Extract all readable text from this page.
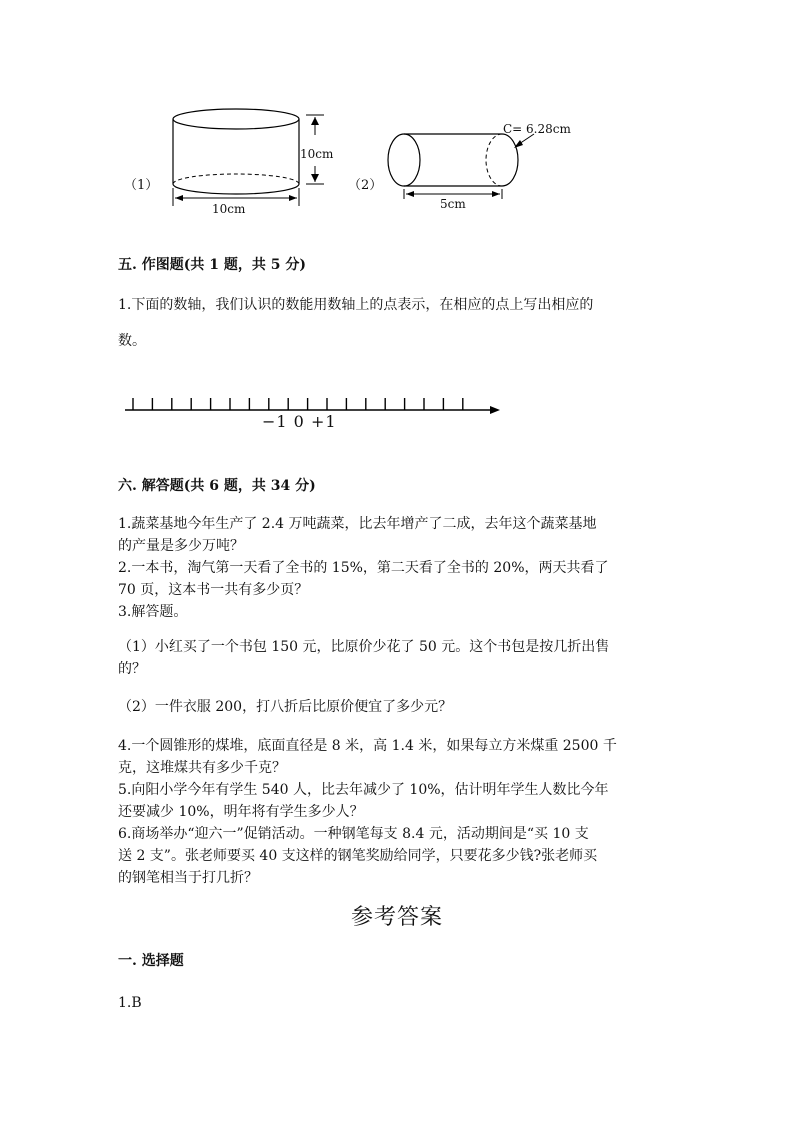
（1）
10cm
10cm
（2）
C= 6.28cm
5cm
五. 作图题(共 1 题，共 5 分)
1.下面的数轴，我们认识的数能用数轴上的点表示，在相应的点上写出相应的
数。
−1 0 +1
六. 解答题(共 6 题，共 34 分)
1.蔬菜基地今年生产了 2.4 万吨蔬菜，比去年增产了二成，去年这个蔬菜基地
的产量是多少万吨？
2.一本书，淘气第一天看了全书的 15%，第二天看了全书的 20%，两天共看了
70 页，这本书一共有多少页？
3.解答题。
（1）小红买了一个书包 150 元，比原价少花了 50 元。这个书包是按几折出售
的？
（2）一件衣服 200，打八折后比原价便宜了多少元？
4.一个圆锥形的煤堆，底面直径是 8 米，高 1.4 米，如果每立方米煤重 2500 千
克，这堆煤共有多少千克？
5.向阳小学今年有学生 540 人，比去年减少了 10%，估计明年学生人数比今年
还要减少 10%，明年将有学生多少人？
6.商场举办“迎六一”促销活动。一种钢笔每支 8.4 元，活动期间是“买 10 支
送 2 支”。张老师要买 40 支这样的钢笔奖励给同学，只要花多少钱?张老师买
的钢笔相当于打几折？
参考答案
一. 选择题
1.B
